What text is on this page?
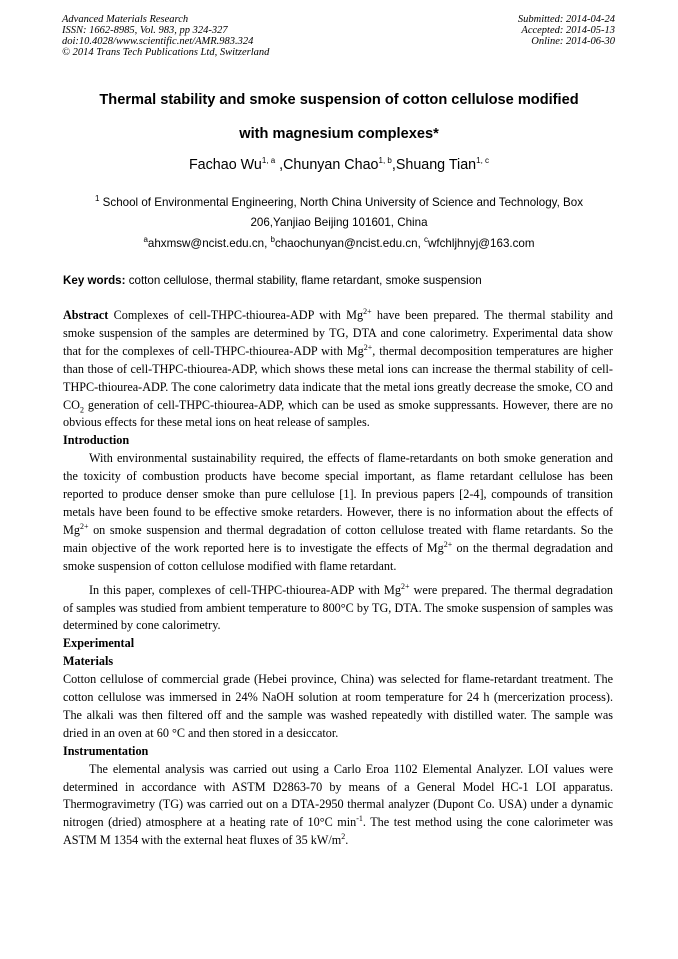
Advanced Materials Research
ISSN: 1662-8985, Vol. 983, pp 324-327
doi:10.4028/www.scientific.net/AMR.983.324
© 2014 Trans Tech Publications Ltd, Switzerland
Submitted: 2014-04-24
Accepted: 2014-05-13
Online: 2014-06-30
Thermal stability and smoke suspension of cotton cellulose modified
with magnesium complexes*
Fachao Wu$^{1, a}$ ,Chunyan Chao$^{1, b}$,Shuang Tian$^{1, c}$
$^1$ School of Environmental Engineering, North China University of Science and Technology, Box 206,Yanjiao Beijing 101601, China
$^a$ahxmsw@ncist.edu.cn, $^b$chaochunyan@ncist.edu.cn, $^c$wfchljhnyj@163.com
Key words: cotton cellulose, thermal stability, flame retardant, smoke suspension

Abstract Complexes of cell-THPC-thiourea-ADP with $Mg^{2+}$ have been prepared. The thermal stability and smoke suspension of the samples are determined by TG, DTA and cone calorimetry. Experimental data show that for the complexes of cell-THPC-thiourea-ADP with $Mg^{2+}$, thermal decomposition temperatures are higher than those of cell-THPC-thiourea-ADP, which shows these metal ions can increase the thermal stability of cell-THPC-thiourea-ADP. The cone calorimetry data indicate that the metal ions greatly decrease the smoke, CO and $CO_2$ generation of cell-THPC-thiourea-ADP, which can be used as smoke suppressants. However, there are no obvious effects for these metal ions on heat release of samples.

Introduction

With environmental sustainability required, the effects of flame-retardants on both smoke generation and the toxicity of combustion products have become special important, as flame retardant cellulose has been reported to produce denser smoke than pure cellulose [1]. In previous papers [2-4], compounds of transition metals have been found to be effective smoke retarders. However, there is no information about the effects of $Mg^{2+}$ on smoke suspension and thermal degradation of cotton cellulose treated with flame retardants. So the main objective of the work reported here is to investigate the effects of $Mg^{2+}$ on the thermal degradation and smoke suspension of cotton cellulose modified with flame retardant.

In this paper, complexes of cell-THPC-thiourea-ADP with $Mg^{2+}$ were prepared. The thermal degradation of samples was studied from ambient temperature to 800°C by TG, DTA. The smoke suspension of samples was determined by cone calorimetry.

Experimental

Materials

Cotton cellulose of commercial grade (Hebei province, China) was selected for flame-retardant treatment. The cotton cellulose was immersed in 24% NaOH solution at room temperature for 24 h (mercerization process). The alkali was then filtered off and the sample was washed repeatedly with distilled water. The sample was dried in an oven at 60 °C and then stored in a desiccator.

Instrumentation

The elemental analysis was carried out using a Carlo Eroa 1102 Elemental Analyzer. LOI values were determined in accordance with ASTM D2863-70 by means of a General Model HC-1 LOI apparatus. Thermogravimetry (TG) was carried out on a DTA-2950 thermal analyzer (Dupont Co. USA) under a dynamic nitrogen (dried) atmosphere at a heating rate of 10°C $\min^{-1}$. The test method using the cone calorimeter was ASTM M 1354 with the external heat fluxes of 35 $kW/m^2$.
